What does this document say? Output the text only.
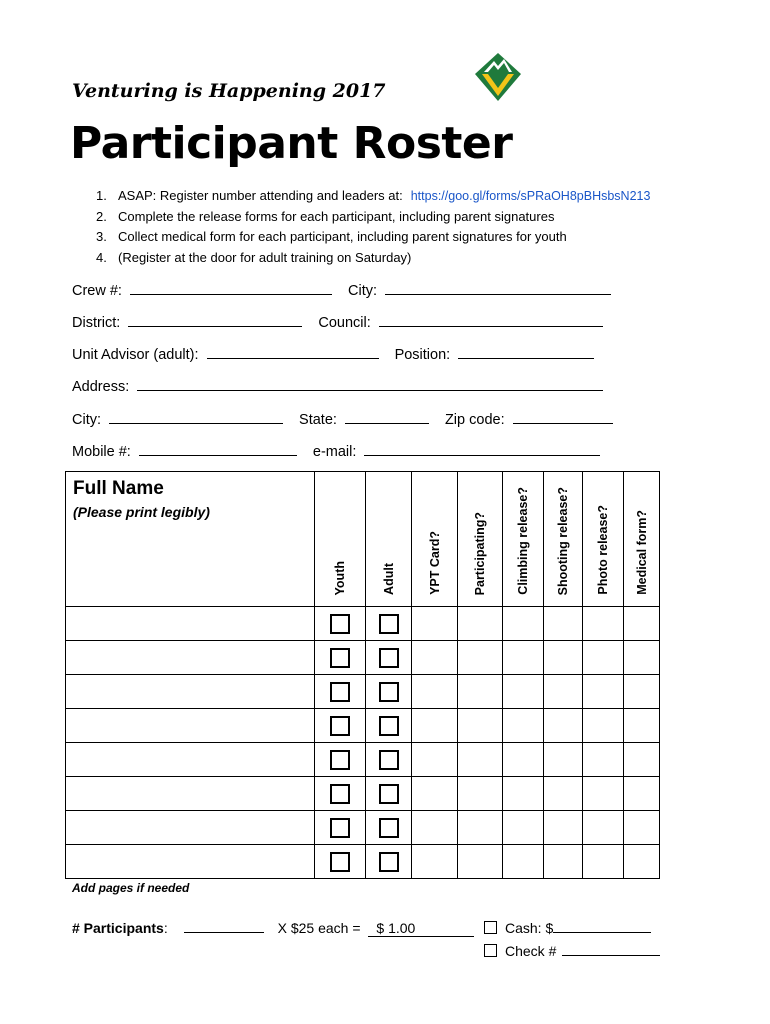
Venturing is Happening 2017
Participant Roster
1. ASAP: Register number attending and leaders at: https://goo.gl/forms/sPRaOH8pBHsbsN213
2. Complete the release forms for each participant, including parent signatures
3. Collect medical form for each participant, including parent signatures for youth
4. (Register at the door for adult training on Saturday)
Crew #:	City:
District:	Council:
Unit Advisor (adult):	Position:
Address:
City:	State:	Zip code:
Mobile #:	e-mail:
Full Name
(Please print legibly)	Youth	Adult	YPT Card?	Participating?	Climbing release?	Shooting release?	Photo release?	Medical form?

Add pages if needed
# Participants:	X $25 each = $ 1.00	Cash: $
Check #
